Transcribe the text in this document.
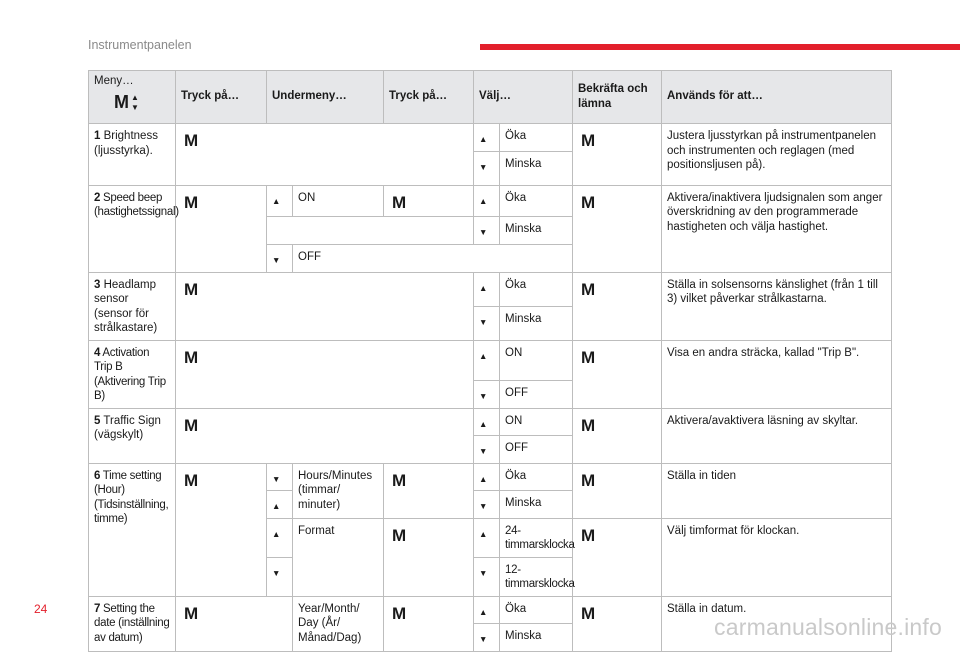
Instrumentpanelen
Meny…
M ▲
▼	Tryck på…	Undermeny…		Tryck på…	Välj…		Bekräfta och lämna	Används för att…
1 Brightness (ljusstyrka).	M				▲	Öka	M	Justera ljusstyrkan på instrumentpanelen och instrumenten och reglagen (med positionsljusen på).
					▼	Minska		
2 Speed beep (hastighetssignal)	M	▲	ON	M	▲	Öka	M	Aktivera/inaktivera ljudsignalen som anger överskridning av den programmerade hastigheten och välja hastighet.
					▼	Minska		
		▼	OFF					
3 Headlamp sensor (sensor för strålkastare)	M				▲	Öka	M	Ställa in solsensorns känslighet (från 1 till 3) vilket påverkar strålkastarna.
					▼	Minska		
4 Activation Trip B (Aktivering Trip B)	M				▲	ON	M	Visa en andra sträcka, kallad "Trip B".
					▼	OFF		
5 Traffic Sign (vägskylt)	M				▲	ON	M	Aktivera/avaktivera läsning av skyltar.
					▼	OFF		
6 Time setting (Hour) (Tidsinställning, timme)	M	▼	Hours/Minutes (timmar/ minuter)	M	▲	Öka	M	Ställa in tiden
		▲			▼	Minska		
		▲	Format	M	▲	24-timmarsklocka	M	Välj timformat för klockan.
		▼			▼	12-timmarsklocka		
7 Setting the date (inställning av datum)	M		Year/Month/ Day (År/ Månad/Dag)	M	▲	Öka	M	Ställa in datum.
					▼	Minska		
24
carmanualsonline.info
